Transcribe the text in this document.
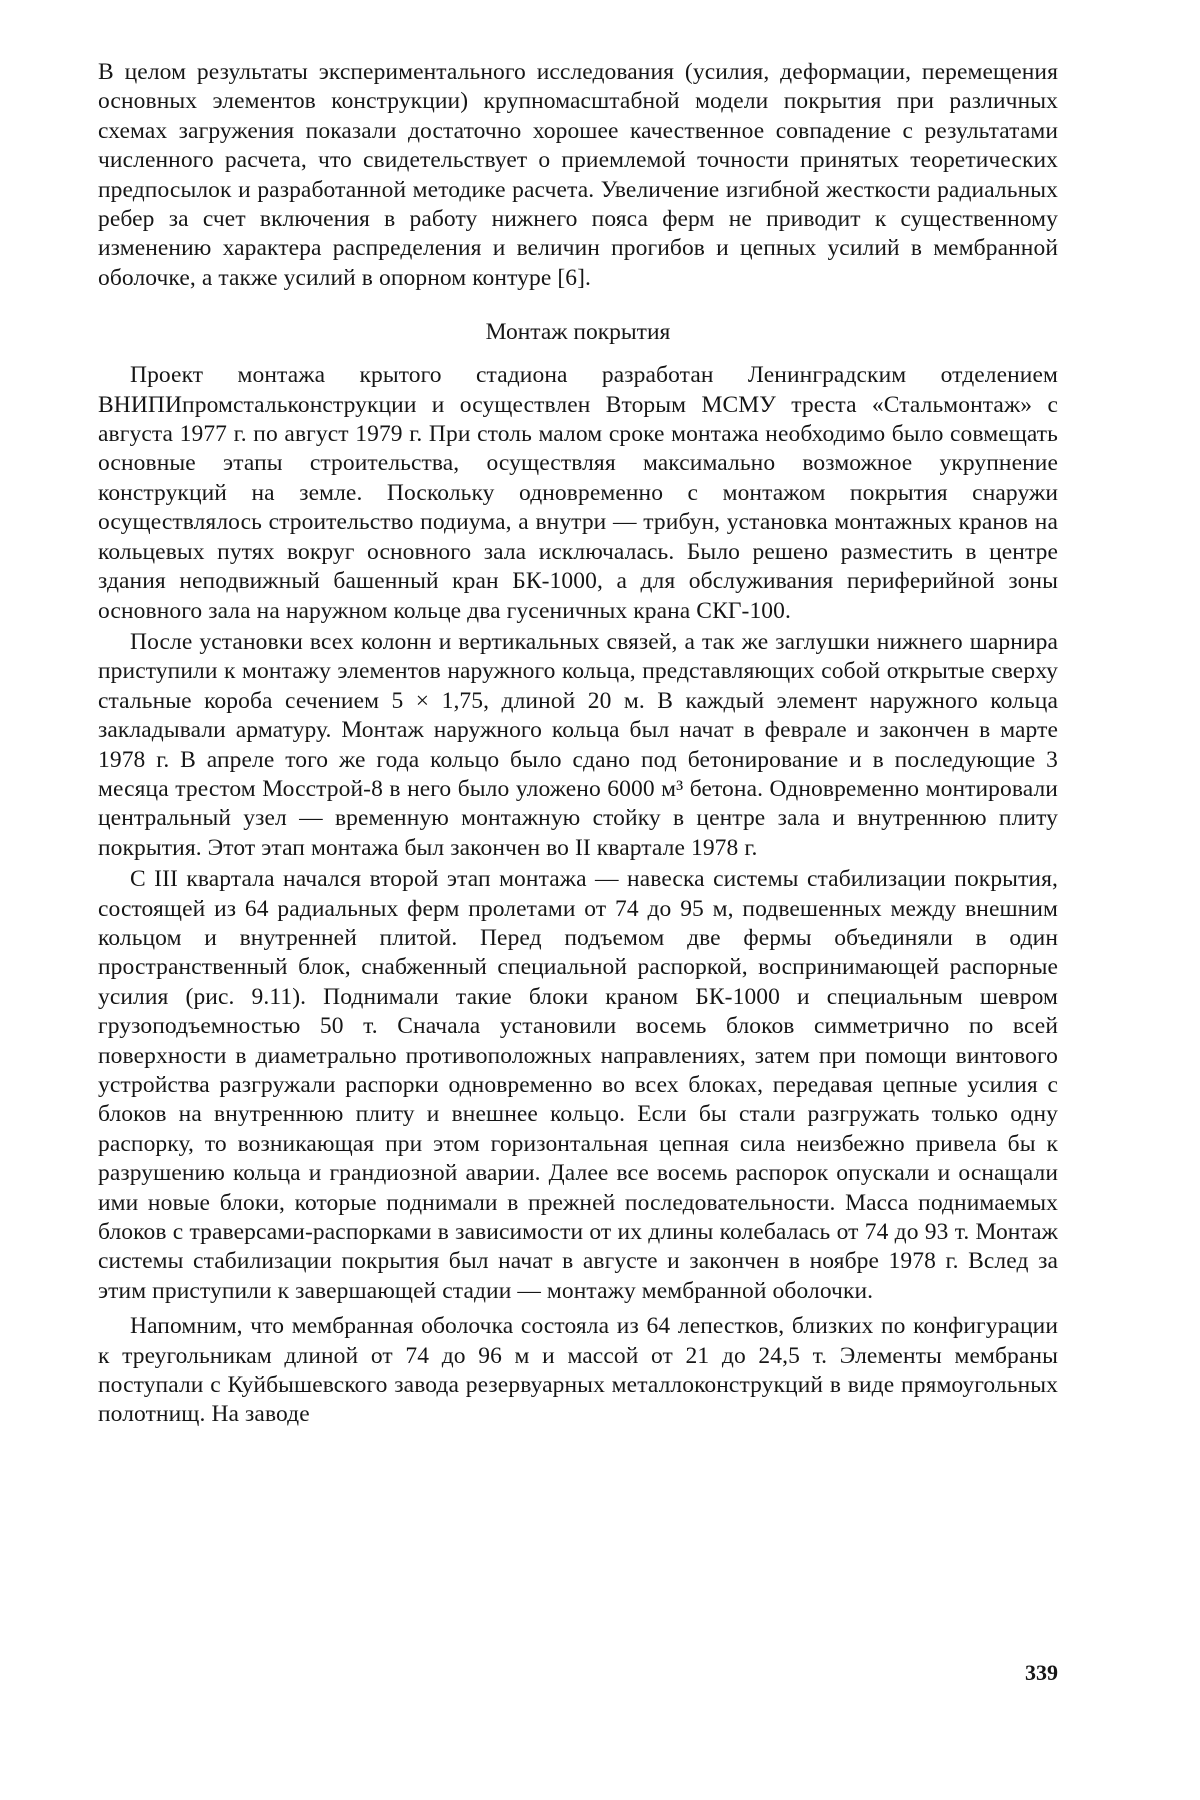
В целом результаты экспериментального исследования (усилия, деформации, перемещения основных элементов конструкции) крупномасштабной модели покрытия при различных схемах загружения показали достаточно хорошее качественное совпадение с результатами численного расчета, что свидетельствует о приемлемой точности принятых теоретических предпосылок и разработанной методике расчета. Увеличение изгибной жесткости радиальных ребер за счет включения в работу нижнего пояса ферм не приводит к существенному изменению характера распределения и величин прогибов и цепных усилий в мембранной оболочке, а также усилий в опорном контуре [6].

Монтаж покрытия

Проект монтажа крытого стадиона разработан Ленинградским отделением ВНИПИпромстальконструкции и осуществлен Вторым МСМУ треста «Стальмонтаж» с августа 1977 г. по август 1979 г. При столь малом сроке монтажа необходимо было совмещать основные этапы строительства, осуществляя максимально возможное укрупнение конструкций на земле. Поскольку одновременно с монтажом покрытия снаружи осуществлялось строительство подиума, а внутри — трибун, установка монтажных кранов на кольцевых путях вокруг основного зала исключалась. Было решено разместить в центре здания неподвижный башенный кран БК-1000, а для обслуживания периферийной зоны основного зала на наружном кольце два гусеничных крана СКГ-100.

После установки всех колонн и вертикальных связей, а так же заглушки нижнего шарнира приступили к монтажу элементов наружного кольца, представляющих собой открытые сверху стальные короба сечением 5 × 1,75, длиной 20 м. В каждый элемент наружного кольца закладывали арматуру. Монтаж наружного кольца был начат в феврале и закончен в марте 1978 г. В апреле того же года кольцо было сдано под бетонирование и в последующие 3 месяца трестом Мосстрой-8 в него было уложено 6000 м³ бетона. Одновременно монтировали центральный узел — временную монтажную стойку в центре зала и внутреннюю плиту покрытия. Этот этап монтажа был закончен во II квартале 1978 г.

С III квартала начался второй этап монтажа — навеска системы стабилизации покрытия, состоящей из 64 радиальных ферм пролетами от 74 до 95 м, подвешенных между внешним кольцом и внутренней плитой. Перед подъемом две фермы объединяли в один пространственный блок, снабженный специальной распоркой, воспринимающей распорные усилия (рис. 9.11). Поднимали такие блоки краном БК-1000 и специальным шевром грузоподъемностью 50 т. Сначала установили восемь блоков симметрично по всей поверхности в диаметрально противоположных направлениях, затем при помощи винтового устройства разгружали распорки одновременно во всех блоках, передавая цепные усилия с блоков на внутреннюю плиту и внешнее кольцо. Если бы стали разгружать только одну распорку, то возникающая при этом горизонтальная цепная сила неизбежно привела бы к разрушению кольца и грандиозной аварии. Далее все восемь распорок опускали и оснащали ими новые блоки, которые поднимали в прежней последовательности. Масса поднимаемых блоков с траверсами-распорками в зависимости от их длины колебалась от 74 до 93 т. Монтаж системы стабилизации покрытия был начат в августе и закончен в ноябре 1978 г. Вслед за этим приступили к завершающей стадии — монтажу мембранной оболочки.

Напомним, что мембранная оболочка состояла из 64 лепестков, близких по конфигурации к треугольникам длиной от 74 до 96 м и массой от 21 до 24,5 т. Элементы мембраны поступали с Куйбышевского завода резервуарных металлоконструкций в виде прямоугольных полотнищ. На заводе

339
